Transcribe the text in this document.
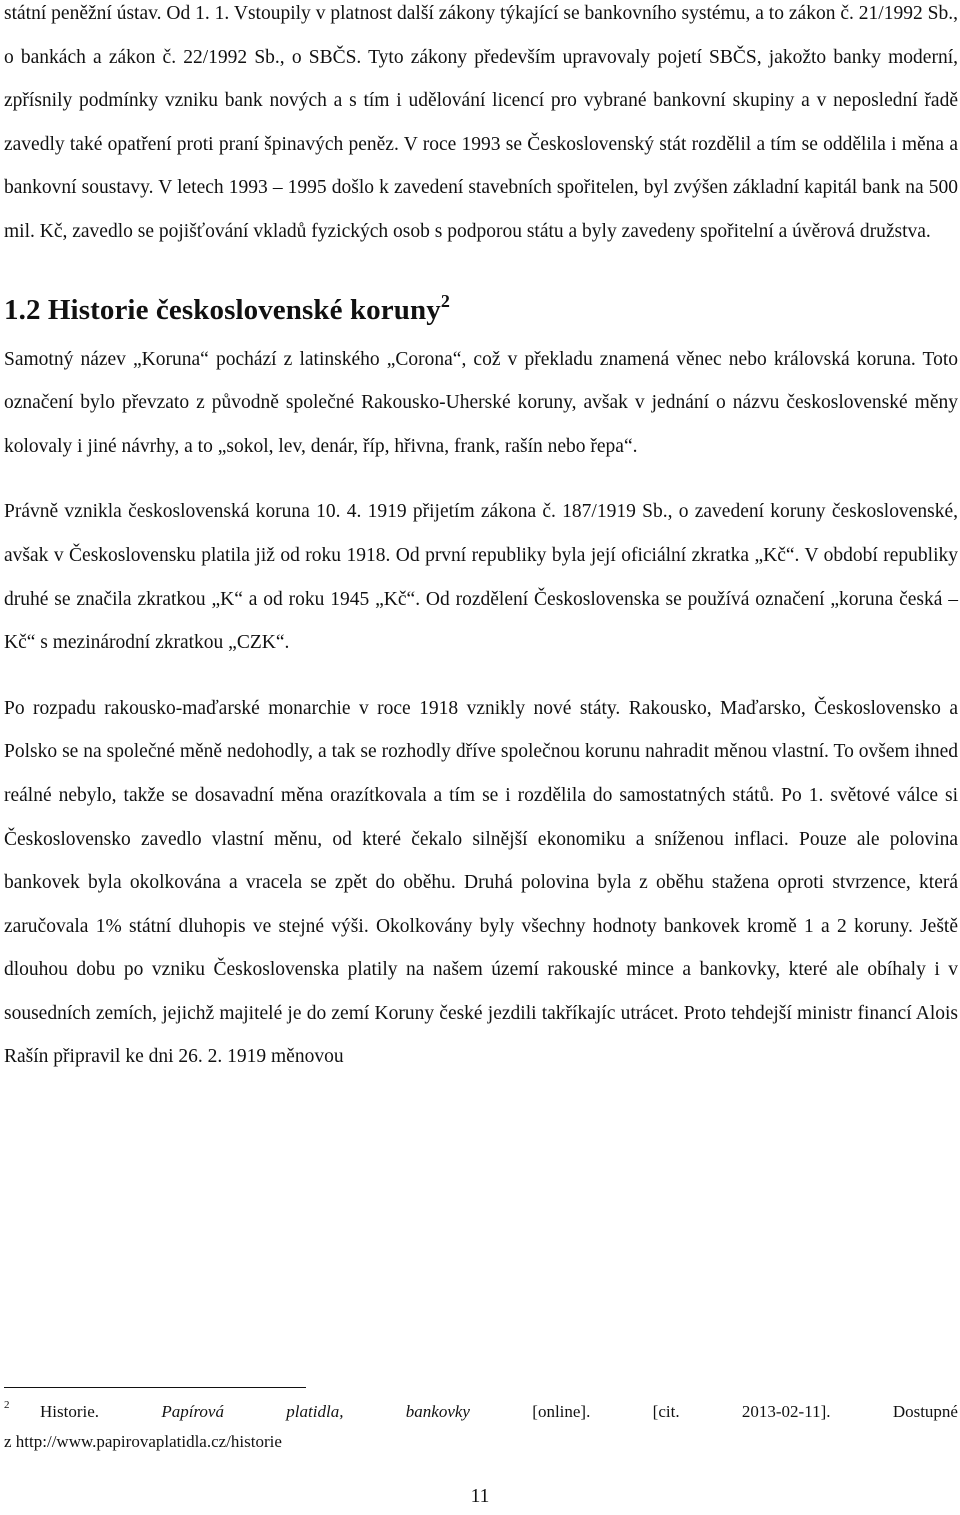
státní peněžní ústav. Od 1. 1. Vstoupily v platnost další zákony týkající se bankovního systému, a to zákon č. 21/1992 Sb., o bankách a zákon č. 22/1992 Sb., o SBČS. Tyto zákony především upravovaly pojetí SBČS, jakožto banky moderní, zpřísnily podmínky vzniku bank nových a s tím i udělování licencí pro vybrané bankovní skupiny a v neposlední řadě zavedly také opatření proti praní špinavých peněz. V roce 1993 se Československý stát rozdělil a tím se oddělila i měna a bankovní soustavy. V letech 1993 – 1995 došlo k zavedení stavebních spořitelen, byl zvýšen základní kapitál bank na 500 mil. Kč, zavedlo se pojišťování vkladů fyzických osob s podporou státu a byly zavedeny spořitelní a úvěrová družstva.

1.2 Historie československé koruny$^2$

Samotný název „Koruna“ pochází z latinského „Corona“, což v překladu znamená věnec nebo královská koruna. Toto označení bylo převzato z původně společné Rakousko-Uherské koruny, avšak v jednání o názvu československé měny kolovaly i jiné návrhy, a to „sokol, lev, denár, říp, hřivna, frank, rašín nebo řepa“.

Právně vznikla československá koruna 10. 4. 1919 přijetím zákona č. 187/1919 Sb., o zavedení koruny československé, avšak v Československu platila již od roku 1918. Od první republiky byla její oficiální zkratka „Kč“. V období republiky druhé se značila zkratkou „K“ a od roku 1945 „Kč“. Od rozdělení Československa se používá označení „koruna česká – Kč“ s mezinárodní zkratkou „CZK“.

Po rozpadu rakousko-maďarské monarchie v roce 1918 vznikly nové státy. Rakousko, Maďarsko, Československo a Polsko se na společné měně nedohodly, a tak se rozhodly dříve společnou korunu nahradit měnou vlastní. To ovšem ihned reálné nebylo, takže se dosavadní měna orazítkovala a tím se i rozdělila do samostatných států. Po 1. světové válce si Československo zavedlo vlastní měnu, od které čekalo silnější ekonomiku a sníženou inflaci. Pouze ale polovina bankovek byla okolkována a vracela se zpět do oběhu. Druhá polovina byla z oběhu stažena oproti stvrzence, která zaručovala 1% státní dluhopis ve stejné výši. Okolkovány byly všechny hodnoty bankovek kromě 1 a 2 koruny. Ještě dlouhou dobu po vzniku Československa platily na našem území rakouské mince a bankovky, které ale obíhaly i v sousedních zemích, jejichž majitelé je do zemí Koruny české jezdili takříkajíc utrácet. Proto tehdejší ministr financí Alois Rašín připravil ke dni 26. 2. 1919 měnovou

2	Historie. Papírová platidla, bankovky [online]. [cit. 2013-02-11]. Dostupné
z http://www.papirovaplatidla.cz/historie
11
